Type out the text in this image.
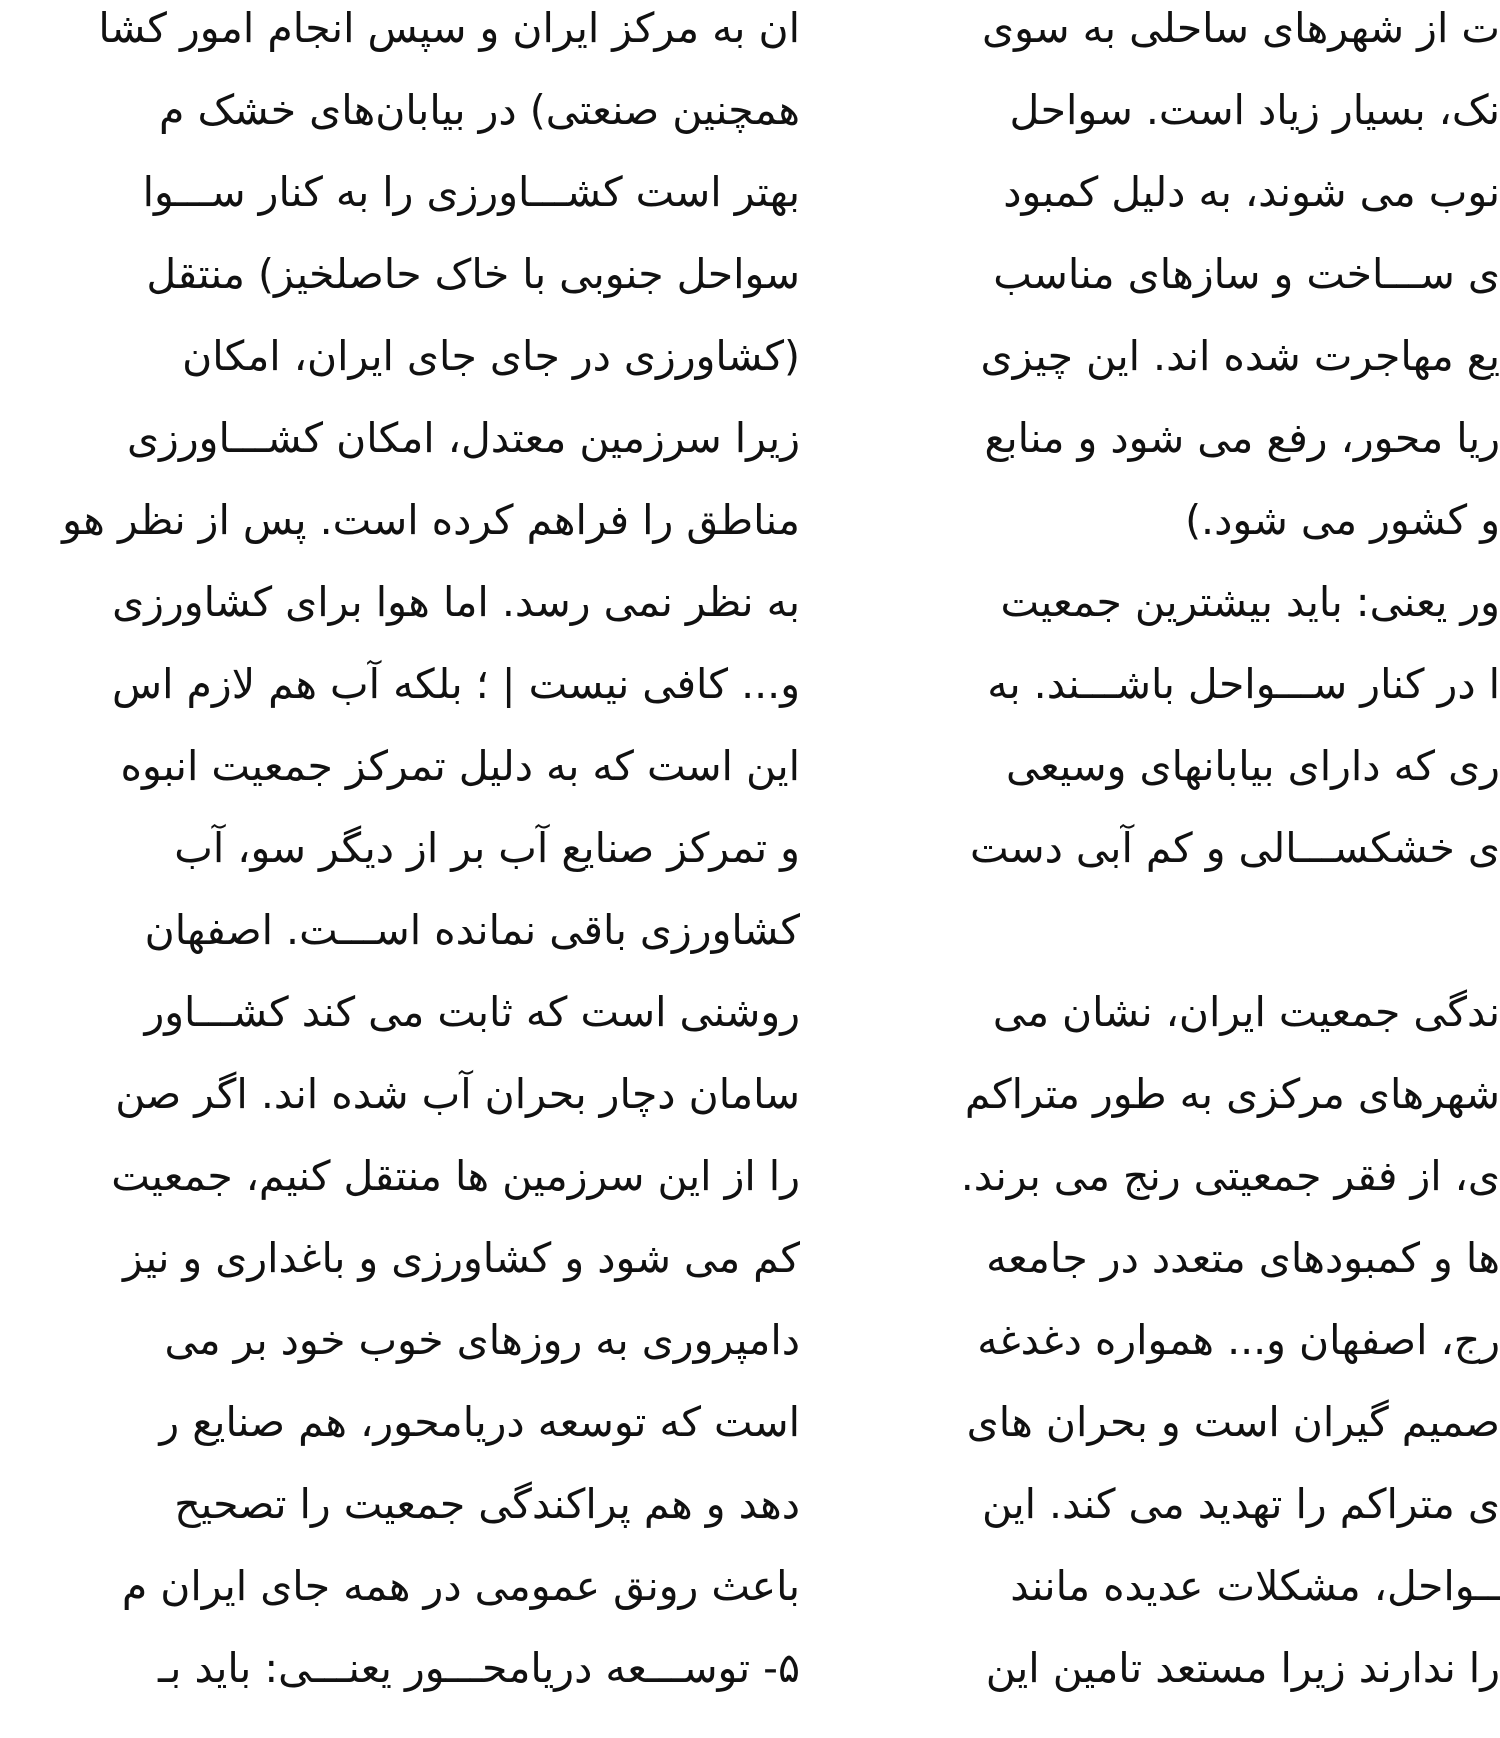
ان به مرکز ایران و سپس انجام امور کشا
همچنین صنعتی) در بیابان‌های خشک م
بهتر است کشـــاورزی را به کنار ســـوا
سواحل جنوبی با خاک حاصلخیز) منتقل
(کشاورزی در جای جای ایران، امکان
زیرا سرزمین معتدل، امکان کشـــاورزی
مناطق را فراهم کرده است. پس از نظر هو
به نظر نمی رسد. اما هوا برای کشاورزی
و... کافی نیست | ؛ بلکه آب هم لازم اس
این است که به دلیل تمرکز جمعیت انبوه
و تمرکز صنایع آب بر از دیگر سو، آب
کشاورزی باقی نمانده اســـت. اصفهان
روشنی است که ثابت می کند کشـــاور
سامان دچار بحران آب شده اند. اگر صن
را از این سرزمین ها منتقل کنیم، جمعیت
کم می شود و کشاورزی و باغداری و نیز
دامپروری به روزهای خوب خود بر می
است که توسعه دریامحور، هم صنایع ر
دهد و هم پراکندگی جمعیت را تصحیح
باعث رونق عمومی در همه جای ایران م
۵- توســـعه دریامحـــور یعنـــی: باید بـ
ت از شهرهای ساحلی به سوی
نک، بسیار زیاد است. سواحل
نوب می شوند، به دلیل کمبود
ی ســـاخت و سازهای مناسب
یع مهاجرت شده اند. این چیزی
ریا محور، رفع می شود و منابع
و کشور می شود.)
ور یعنی: باید بیشترین جمعیت
ا در کنار ســـواحل باشـــند. به
ری که دارای بیابانهای وسیعی
ی خشکســـالی و کم آبی دست
ندگی جمعیت ایران، نشان می
شهرهای مرکزی به طور متراکم
ی، از فقر جمعیتی رنج می برند.
ها و کمبودهای متعدد در جامعه
رج، اصفهان و... همواره دغدغه
صمیم گیران است و بحران های
ی متراکم را تهدید می کند. این
ــواحل، مشکلات عدیده مانند
را ندارند زیرا مستعد تامین این
